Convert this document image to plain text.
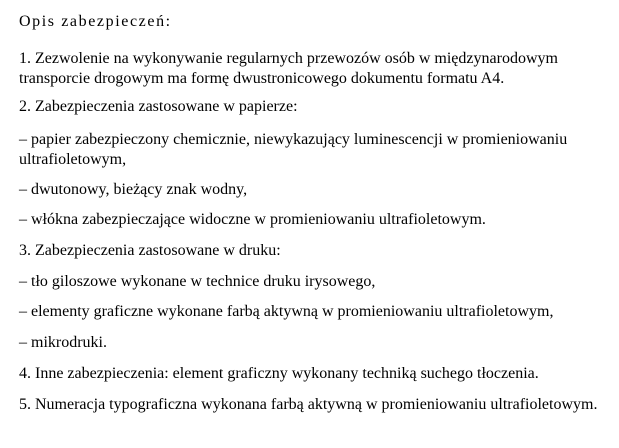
Opis zabezpieczeń:
1. Zezwolenie na wykonywanie regularnych przewozów osób w międzynarodowym
transporcie drogowym ma formę dwustronicowego dokumentu formatu A4.
2. Zabezpieczenia zastosowane w papierze:
– papier zabezpieczony chemicznie, niewykazujący luminescencji w promieniowaniu
ultrafioletowym,
– dwutonowy, bieżący znak wodny,
– włókna zabezpieczające widoczne w promieniowaniu ultrafioletowym.
3. Zabezpieczenia zastosowane w druku:
– tło giloszowe wykonane w technice druku irysowego,
– elementy graficzne wykonane farbą aktywną w promieniowaniu ultrafioletowym,
– mikrodruki.
4. Inne zabezpieczenia: element graficzny wykonany techniką suchego tłoczenia.
5. Numeracja typograficzna wykonana farbą aktywną w promieniowaniu ultrafioletowym.
